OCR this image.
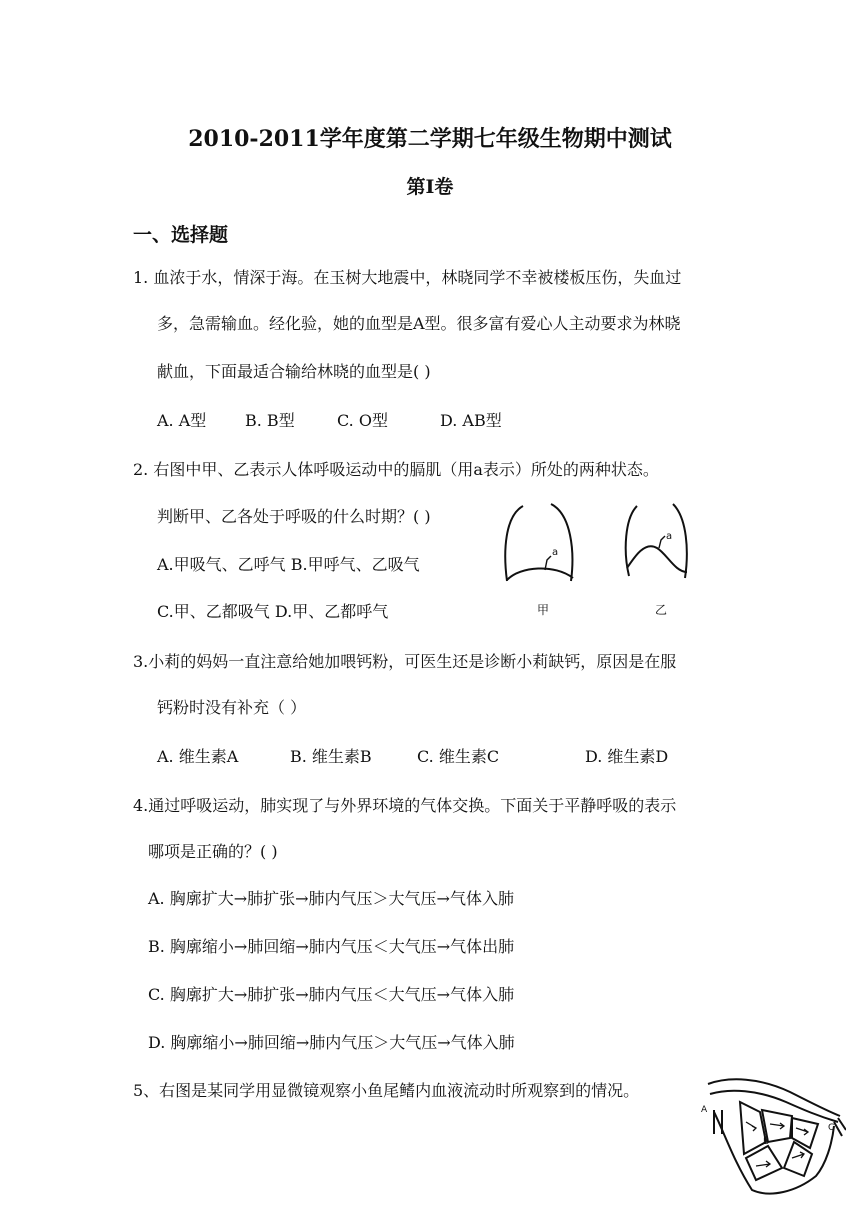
2010-2011学年度第二学期七年级生物期中测试
第Ⅰ卷
一、选择题
1. 血浓于水，情深于海。在玉树大地震中，林晓同学不幸被楼板压伤，失血过
多，急需输血。经化验，她的血型是A型。很多富有爱心人主动要求为林晓
献血，下面最适合输给林晓的血型是( )
A. A型 B. B型	C. O型	D. AB型
2. 右图中甲、乙表示人体呼吸运动中的膈肌（用a表示）所处的两种状态。
判断甲、乙各处于呼吸的什么时期？( )
A.甲吸气、乙呼气 B.甲呼气、乙吸气
C.甲、乙都吸气 D.甲、乙都呼气
a
甲
a
乙
3.小莉的妈妈一直注意给她加喂钙粉，可医生还是诊断小莉缺钙，原因是在服
钙粉时没有补充（ ）
A. 维生素A	B. 维生素B	C. 维生素C	D. 维生素D
4.通过呼吸运动，肺实现了与外界环境的气体交换。下面关于平静呼吸的表示
哪项是正确的？( )
A. 胸廓扩大→肺扩张→肺内气压＞大气压→气体入肺
B. 胸廓缩小→肺回缩→肺内气压＜大气压→气体出肺
C. 胸廓扩大→肺扩张→肺内气压＜大气压→气体入肺
D. 胸廓缩小→肺回缩→肺内气压＞大气压→气体入肺
5、右图是某同学用显微镜观察小鱼尾鳍内血液流动时所观察到的情况。
A
B
C
